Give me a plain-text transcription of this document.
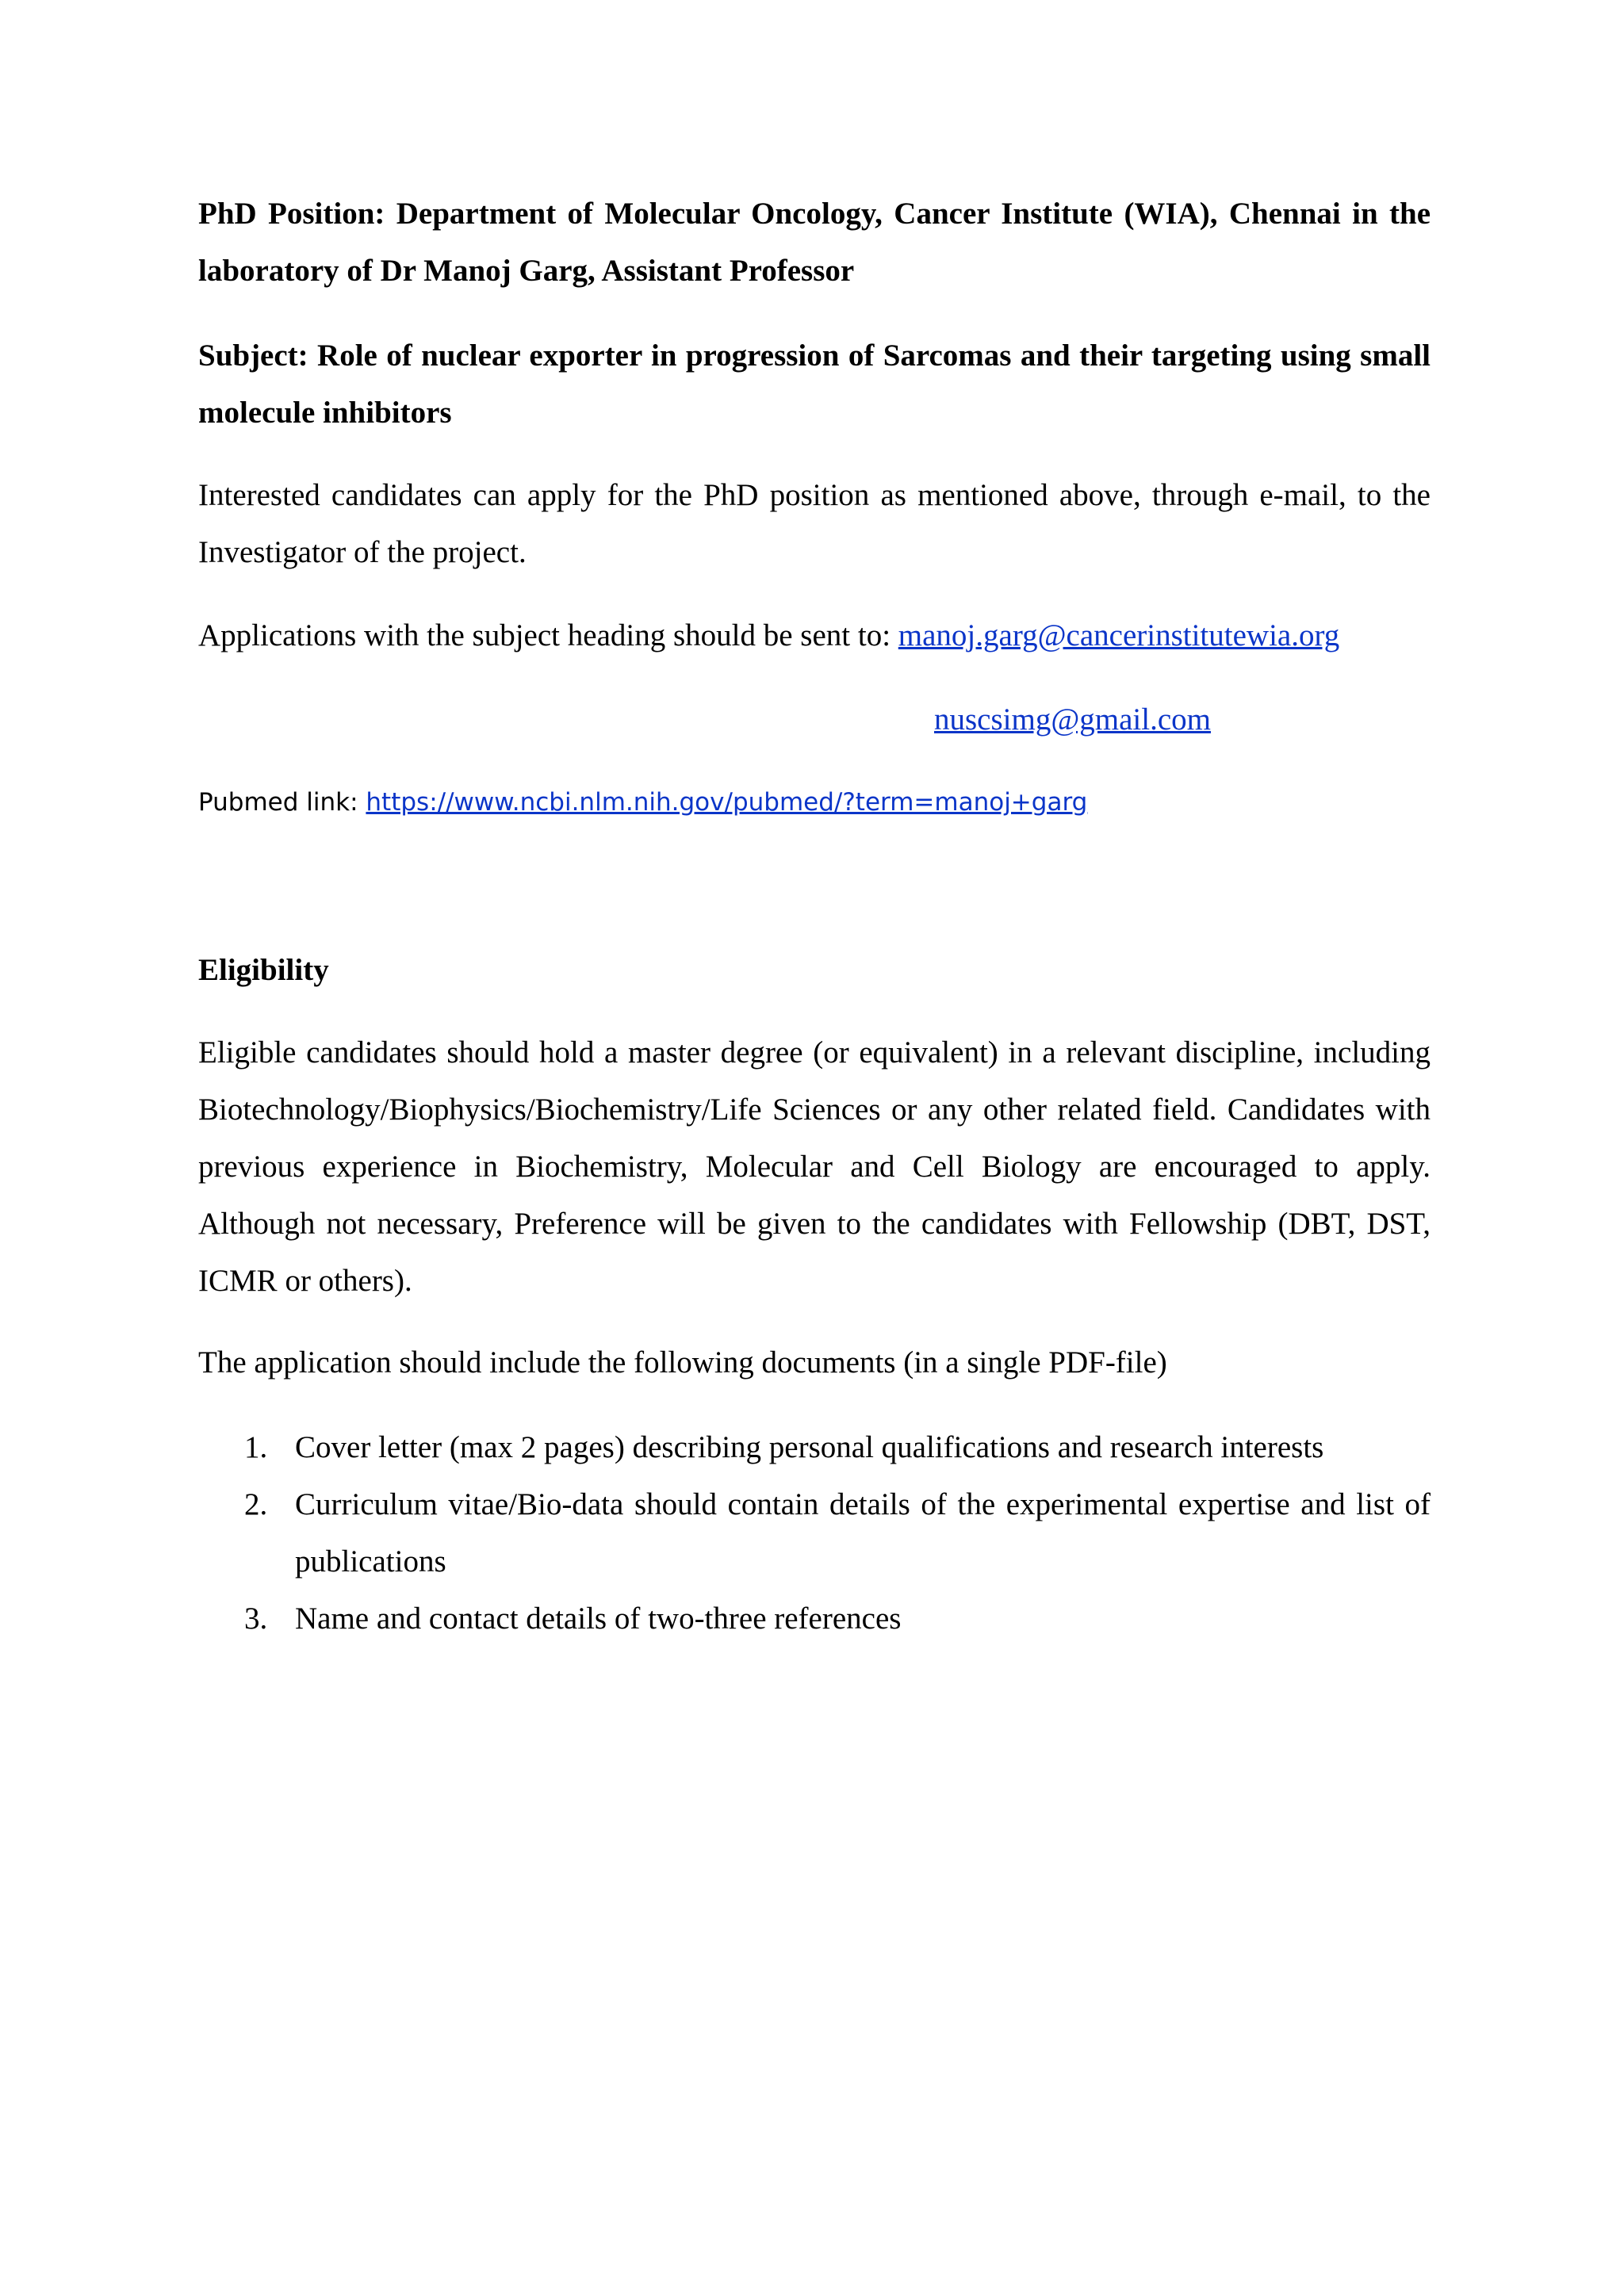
PhD Position: Department of Molecular Oncology, Cancer Institute (WIA), Chennai in the laboratory of Dr Manoj Garg, Assistant Professor

Subject: Role of nuclear exporter in progression of Sarcomas and their targeting using small molecule inhibitors

Interested candidates can apply for the PhD position as mentioned above, through e-mail, to the Investigator of the project.

Applications with the subject heading should be sent to: manoj.garg@cancerinstitutewia.org

nuscsimg@gmail.com

Pubmed link: https://www.ncbi.nlm.nih.gov/pubmed/?term=manoj+garg

Eligibility

Eligible candidates should hold a master degree (or equivalent) in a relevant discipline, including Biotechnology/Biophysics/Biochemistry/Life Sciences or any other related field. Candidates with previous experience in Biochemistry, Molecular and Cell Biology are encouraged to apply. Although not necessary, Preference will be given to the candidates with Fellowship (DBT, DST, ICMR or others).

The application should include the following documents (in a single PDF-file)

1. Cover letter (max 2 pages) describing personal qualifications and research interests
2. Curriculum vitae/Bio-data should contain details of the experimental expertise and list of publications
3. Name and contact details of two-three references
